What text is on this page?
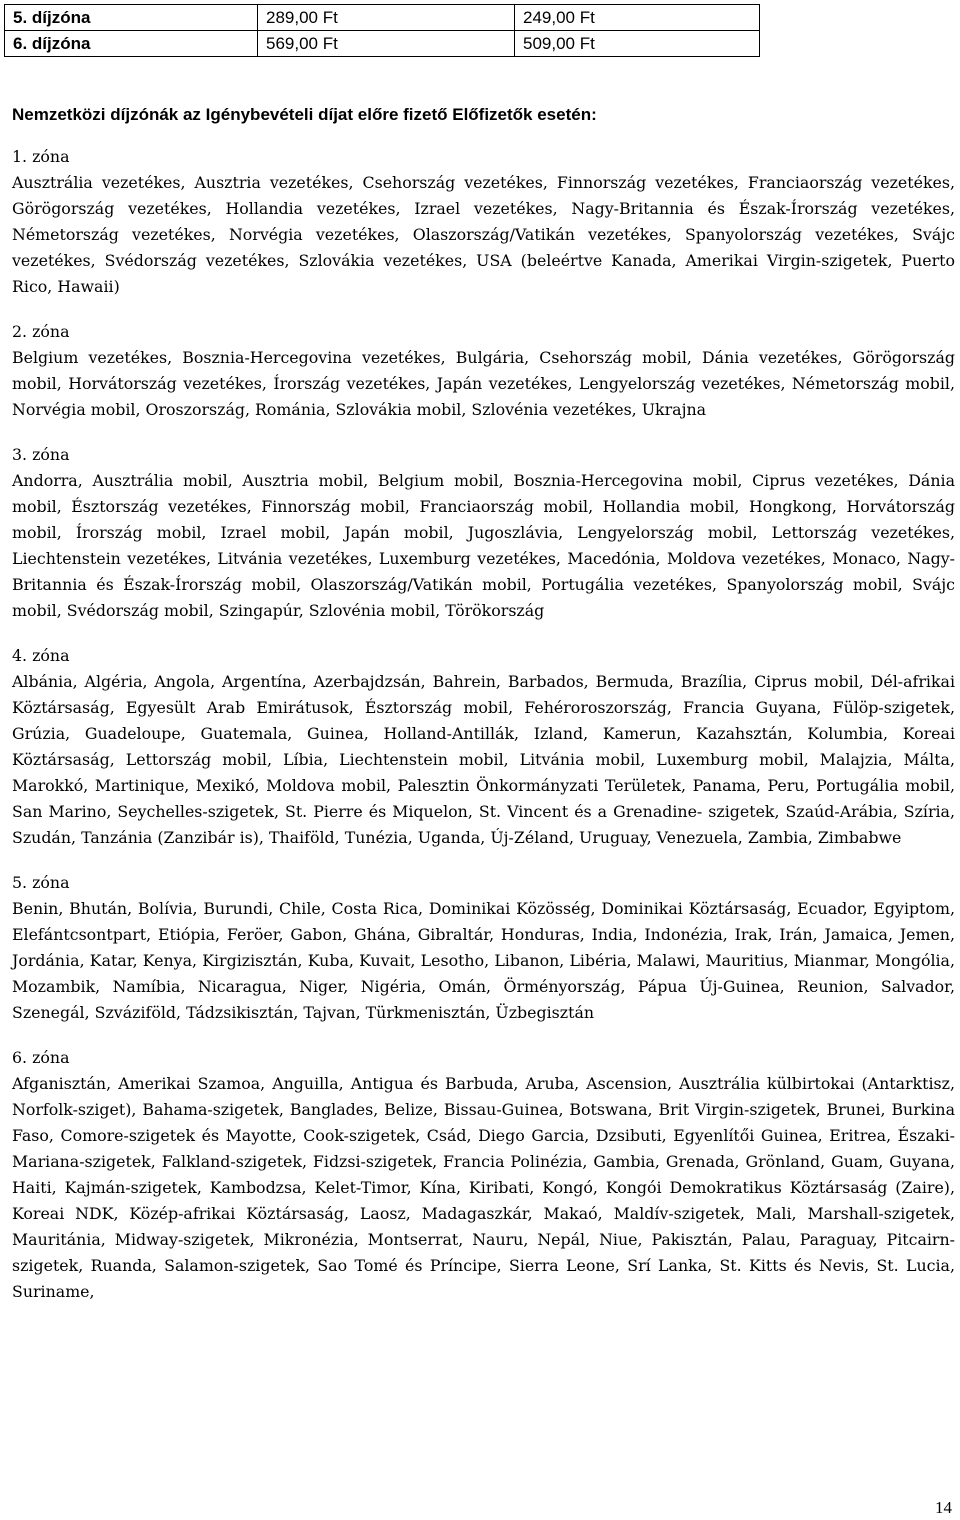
5. díjzóna	289,00 Ft	249,00 Ft
6. díjzóna	569,00 Ft	509,00 Ft
Nemzetközi díjzónák az Igénybevételi díjat előre fizető Előfizetők esetén:
1. zóna
Ausztrália vezetékes, Ausztria vezetékes, Csehország vezetékes, Finnország vezetékes, Franciaország vezetékes, Görögország vezetékes, Hollandia vezetékes, Izrael vezetékes, Nagy-Britannia és Észak-Írország vezetékes, Németország vezetékes, Norvégia vezetékes, Olaszország/Vatikán vezetékes, Spanyolország vezetékes, Svájc vezetékes, Svédország vezetékes, Szlovákia vezetékes, USA (beleértve Kanada, Amerikai Virgin-szigetek, Puerto Rico, Hawaii)
2. zóna
Belgium vezetékes, Bosznia-Hercegovina vezetékes, Bulgária, Csehország mobil, Dánia vezetékes, Görögország mobil, Horvátország vezetékes, Írország vezetékes, Japán vezetékes, Lengyelország vezetékes, Németország mobil, Norvégia mobil, Oroszország, Románia, Szlovákia mobil, Szlovénia vezetékes, Ukrajna
3. zóna
Andorra, Ausztrália mobil, Ausztria mobil, Belgium mobil, Bosznia-Hercegovina mobil, Ciprus vezetékes, Dánia mobil, Észtország vezetékes, Finnország mobil, Franciaország mobil, Hollandia mobil, Hongkong, Horvátország mobil, Írország mobil, Izrael mobil, Japán mobil, Jugoszlávia, Lengyelország mobil, Lettország vezetékes, Liechtenstein vezetékes, Litvánia vezetékes, Luxemburg vezetékes, Macedónia, Moldova vezetékes, Monaco, Nagy-Britannia és Észak-Írország mobil, Olaszország/Vatikán mobil, Portugália vezetékes, Spanyolország mobil, Svájc mobil, Svédország mobil, Szingapúr, Szlovénia mobil, Törökország
4. zóna
Albánia, Algéria, Angola, Argentína, Azerbajdzsán, Bahrein, Barbados, Bermuda, Brazília, Ciprus mobil, Dél-afrikai Köztársaság, Egyesült Arab Emirátusok, Észtország mobil, Fehéroroszország, Francia Guyana, Fülöp-szigetek, Grúzia, Guadeloupe, Guatemala, Guinea, Holland-Antillák, Izland, Kamerun, Kazahsztán, Kolumbia, Koreai Köztársaság, Lettország mobil, Líbia, Liechtenstein mobil, Litvánia mobil, Luxemburg mobil, Malajzia, Málta, Marokkó, Martinique, Mexikó, Moldova mobil, Palesztin Önkormányzati Területek, Panama, Peru, Portugália mobil, San Marino, Seychelles-szigetek, St. Pierre és Miquelon, St. Vincent és a Grenadine- szigetek, Szaúd-Arábia, Szíria, Szudán, Tanzánia (Zanzibár is), Thaiföld, Tunézia, Uganda, Új-Zéland, Uruguay, Venezuela, Zambia, Zimbabwe
5. zóna
Benin, Bhután, Bolívia, Burundi, Chile, Costa Rica, Dominikai Közösség, Dominikai Köztársaság, Ecuador, Egyiptom, Elefántcsontpart, Etiópia, Feröer, Gabon, Ghána, Gibraltár, Honduras, India, Indonézia, Irak, Irán, Jamaica, Jemen, Jordánia, Katar, Kenya, Kirgizisztán, Kuba, Kuvait, Lesotho, Libanon, Libéria, Malawi, Mauritius, Mianmar, Mongólia, Mozambik, Namíbia, Nicaragua, Niger, Nigéria, Omán, Örményország, Pápua Új-Guinea, Reunion, Salvador, Szenegál, Szváziföld, Tádzsikisztán, Tajvan, Türkmenisztán, Üzbegisztán
6. zóna
Afganisztán, Amerikai Szamoa, Anguilla, Antigua és Barbuda, Aruba, Ascension, Ausztrália külbirtokai (Antarktisz, Norfolk-sziget), Bahama-szigetek, Banglades, Belize, Bissau-Guinea, Botswana, Brit Virgin-szigetek, Brunei, Burkina Faso, Comore-szigetek és Mayotte, Cook-szigetek, Csád, Diego Garcia, Dzsibuti, Egyenlítői Guinea, Eritrea, Északi-Mariana-szigetek, Falkland-szigetek, Fidzsi-szigetek, Francia Polinézia, Gambia, Grenada, Grönland, Guam, Guyana, Haiti, Kajmán-szigetek, Kambodzsa, Kelet-Timor, Kína, Kiribati, Kongó, Kongói Demokratikus Köztársaság (Zaire), Koreai NDK, Közép-afrikai Köztársaság, Laosz, Madagaszkár, Makaó, Maldív-szigetek, Mali, Marshall-szigetek, Mauritánia, Midway-szigetek, Mikronézia, Montserrat, Nauru, Nepál, Niue, Pakisztán, Palau, Paraguay, Pitcairn-szigetek, Ruanda, Salamon-szigetek, Sao Tomé és Príncipe, Sierra Leone, Srí Lanka, St. Kitts és Nevis, St. Lucia, Suriname,
14
